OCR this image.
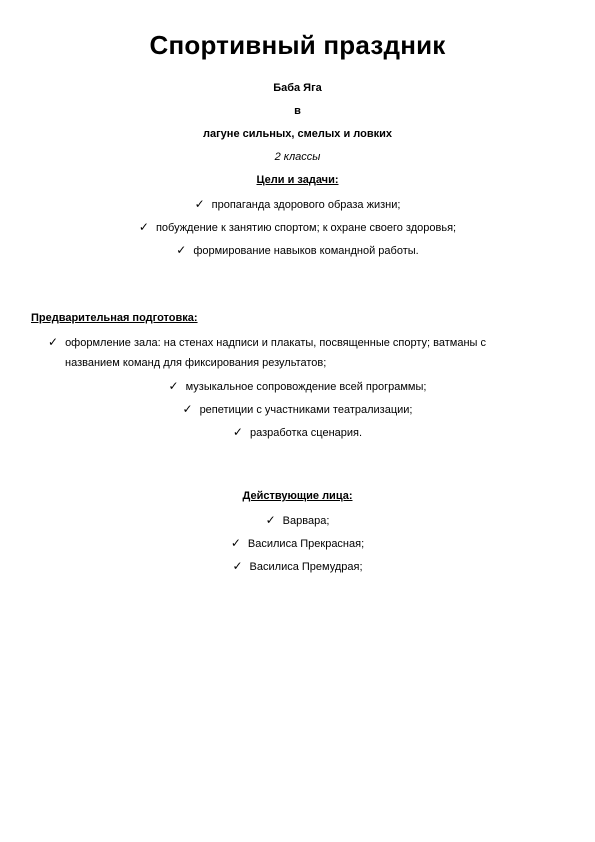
Спортивный праздник
Баба Яга
в
лагуне сильных, смелых и ловких
2 классы
Цели и задачи:
✓ пропаганда здорового образа жизни;
✓ побуждение к занятию спортом; к охране своего здоровья;
✓ формирование навыков командной работы.
Предварительная подготовка:
✓ оформление зала: на стенах надписи и плакаты, посвященные спорту; ватманы с
названием команд для фиксирования результатов;
✓ музыкальное сопровождение всей программы;
✓ репетиции с участниками театрализации;
✓ разработка сценария.
Действующие лица:
✓ Варвара;
✓ Василиса Прекрасная;
✓ Василиса Премудрая;
